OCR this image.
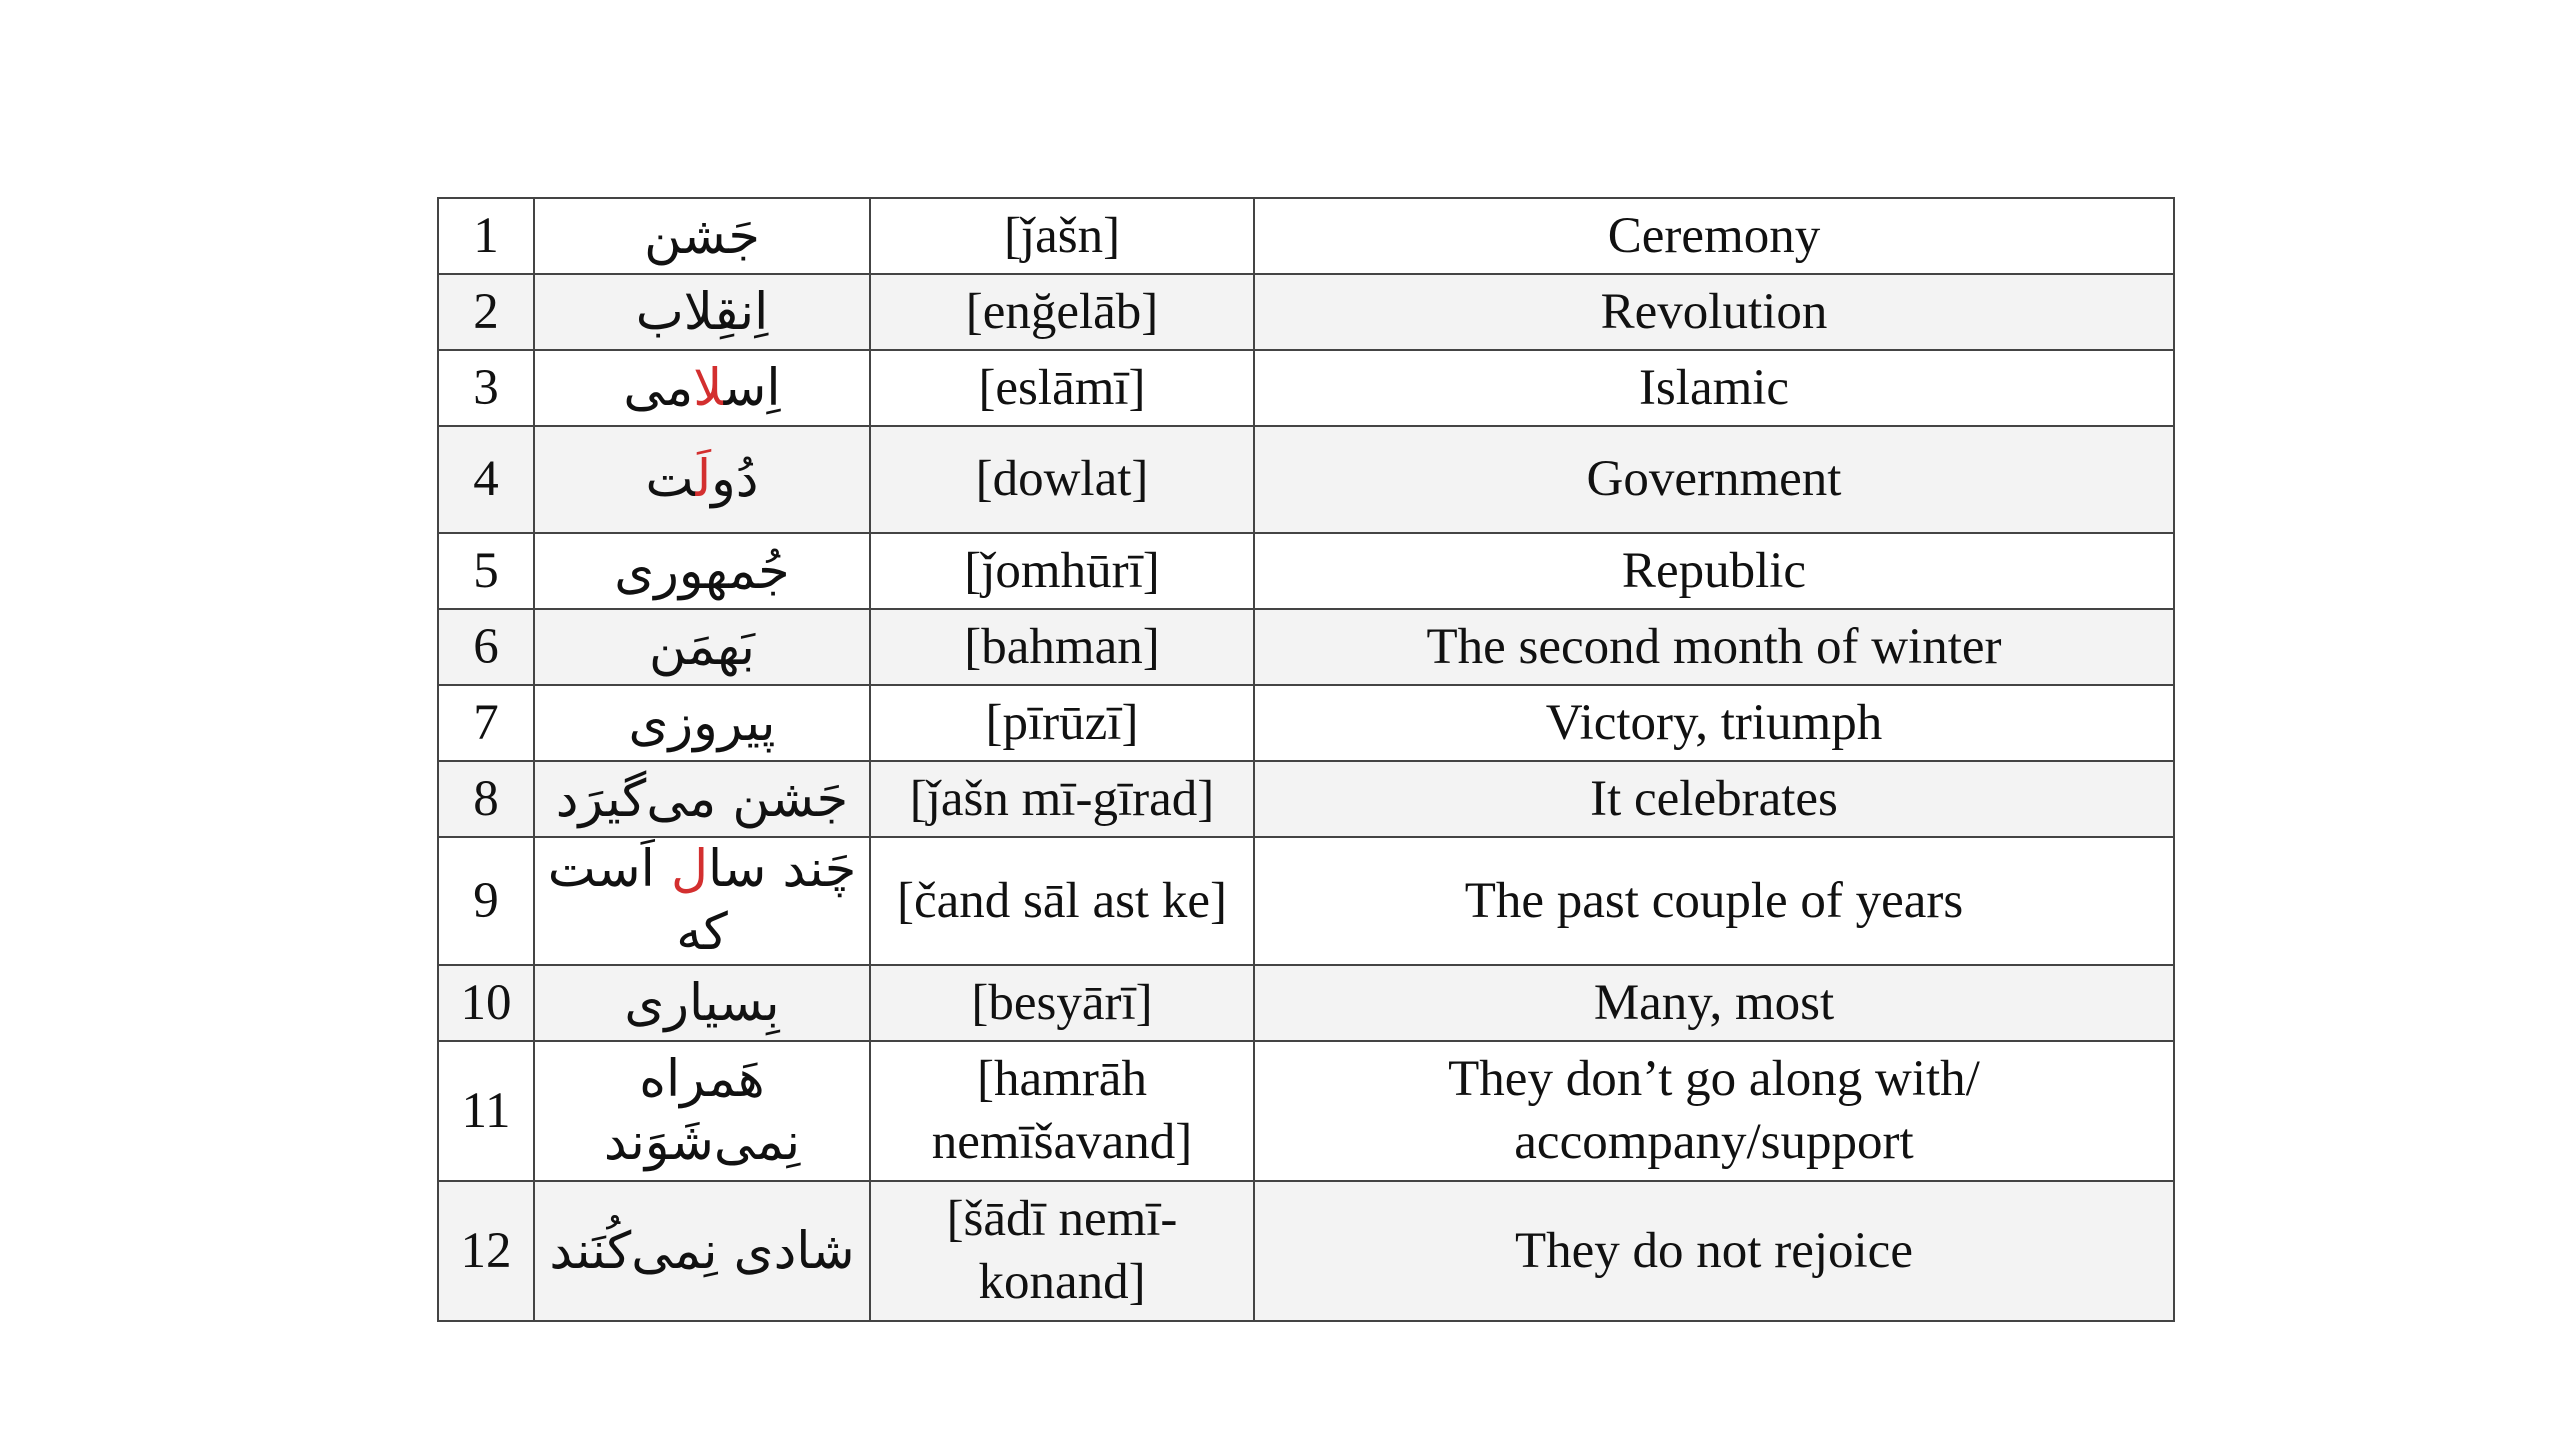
1	جَشن	[ǰašn]	Ceremony
2	اِنقِلاب	[enğelāb]	Revolution
3	اِسلامی	[eslāmī]	Islamic
4	دُولَت	[dowlat]	Government
5	جُمهوری	[ǰomhūrī]	Republic
6	بَهمَن	[bahman]	The second month of winter
7	پیروزی	[pīrūzī]	Victory, triumph
8	جَشن می‌گیرَد	[ǰašn mī-gīrad]	It celebrates
9	چَند سال اَست که	[čand sāl ast ke]	The past couple of years
10	بِسیاری	[besyārī]	Many, most
11	هَمراه نِمی‌شَوَند	[hamrāh nemīšavand]	They don’t go along with/ accompany/support
12	شادی نِمی‌کُنَند	[šādī nemī-konand]	They do not rejoice
